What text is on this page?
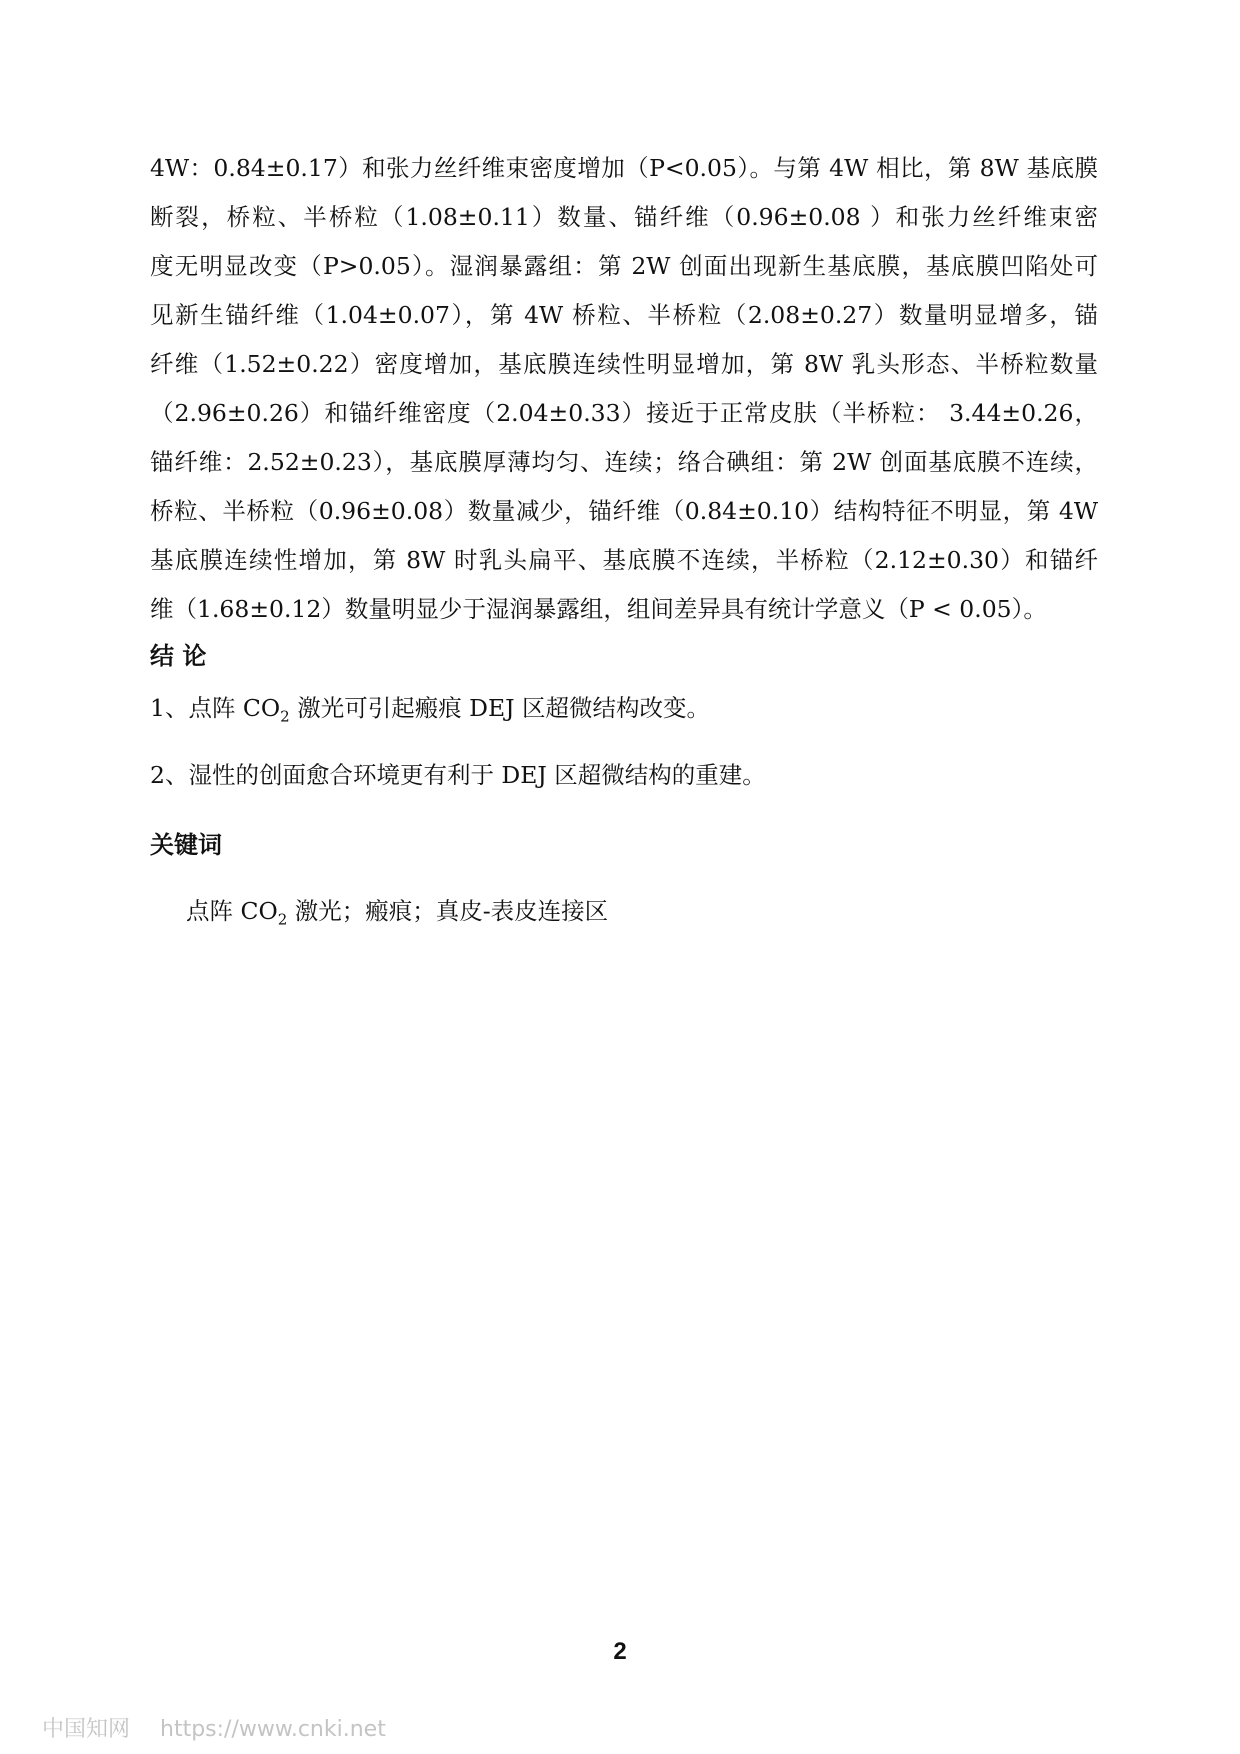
4W：0.84±0.17）和张力丝纤维束密度增加（P<0.05）。与第 4W 相比，第 8W 基底膜
断裂，桥粒、半桥粒（1.08±0.11）数量、锚纤维（0.96±0.08 ）和张力丝纤维束密
度无明显改变（P>0.05）。湿润暴露组：第 2W 创面出现新生基底膜，基底膜凹陷处可
见新生锚纤维（1.04±0.07），第 4W 桥粒、半桥粒（2.08±0.27）数量明显增多，锚
纤维（1.52±0.22）密度增加，基底膜连续性明显增加，第 8W 乳头形态、半桥粒数量
（2.96±0.26）和锚纤维密度（2.04±0.33）接近于正常皮肤（半桥粒： 3.44±0.26，
锚纤维：2.52±0.23），基底膜厚薄均匀、连续；络合碘组：第 2W 创面基底膜不连续，
桥粒、半桥粒（0.96±0.08）数量减少，锚纤维（0.84±0.10）结构特征不明显，第 4W
基底膜连续性增加，第 8W 时乳头扁平、基底膜不连续，半桥粒（2.12±0.30）和锚纤
维（1.68±0.12）数量明显少于湿润暴露组，组间差异具有统计学意义（P < 0.05）。
结 论
1、点阵 $CO_2$ 激光可引起瘢痕 DEJ 区超微结构改变。
2、湿性的创面愈合环境更有利于 DEJ 区超微结构的重建。
关键词
点阵 $CO_2$ 激光；瘢痕；真皮-表皮连接区
2
中国知网 https://www.cnki.net
